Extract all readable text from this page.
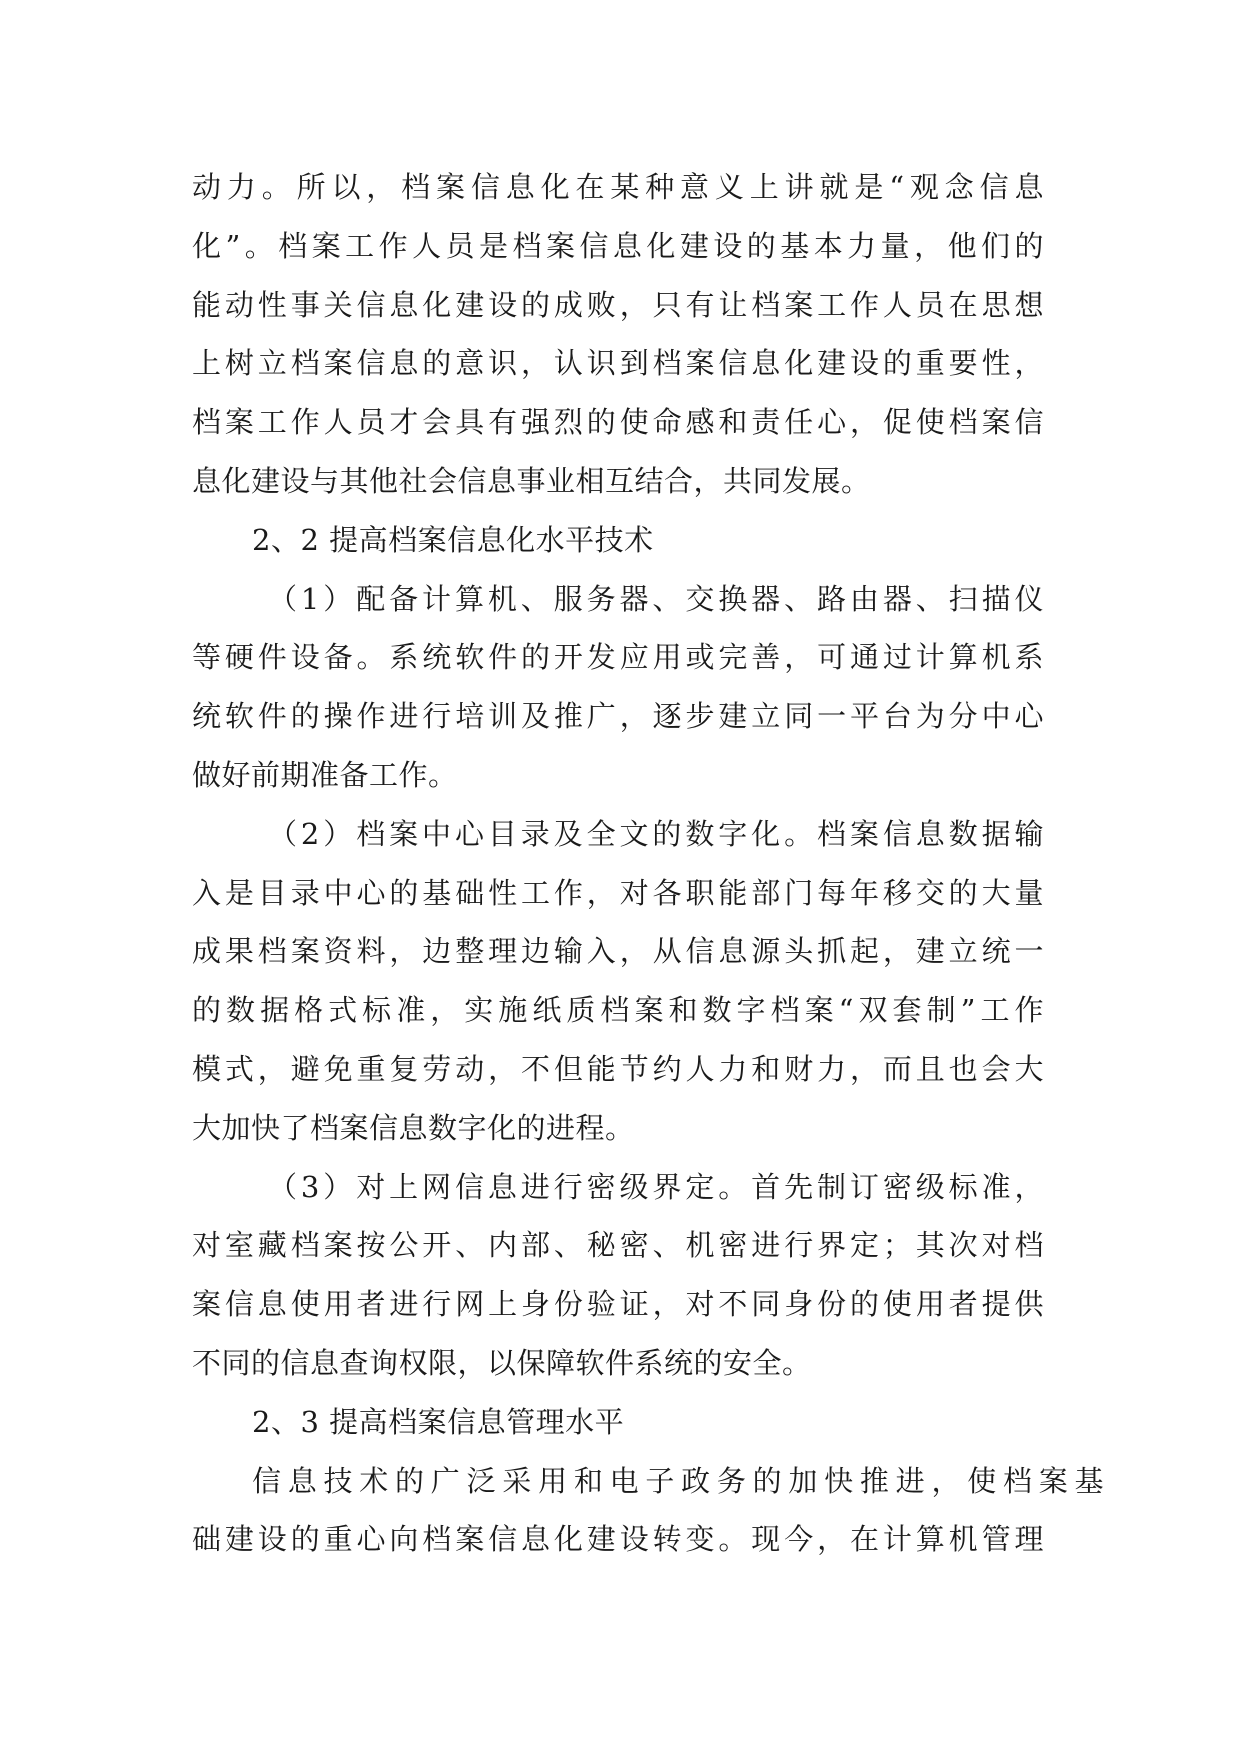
动力。所以，档案信息化在某种意义上讲就是“观念信息
化”。档案工作人员是档案信息化建设的基本力量，他们的
能动性事关信息化建设的成败，只有让档案工作人员在思想
上树立档案信息的意识，认识到档案信息化建设的重要性，
档案工作人员才会具有强烈的使命感和责任心，促使档案信
息化建设与其他社会信息事业相互结合，共同发展。
2、2 提高档案信息化水平技术
（1）配备计算机、服务器、交换器、路由器、扫描仪
等硬件设备。系统软件的开发应用或完善，可通过计算机系
统软件的操作进行培训及推广，逐步建立同一平台为分中心
做好前期准备工作。
（2）档案中心目录及全文的数字化。档案信息数据输
入是目录中心的基础性工作，对各职能部门每年移交的大量
成果档案资料，边整理边输入，从信息源头抓起，建立统一
的数据格式标准，实施纸质档案和数字档案“双套制”工作
模式，避免重复劳动，不但能节约人力和财力，而且也会大
大加快了档案信息数字化的进程。
（3）对上网信息进行密级界定。首先制订密级标准，
对室藏档案按公开、内部、秘密、机密进行界定；其次对档
案信息使用者进行网上身份验证，对不同身份的使用者提供
不同的信息查询权限，以保障软件系统的安全。
2、3 提高档案信息管理水平
信息技术的广泛采用和电子政务的加快推进，使档案基
础建设的重心向档案信息化建设转变。现今，在计算机管理
